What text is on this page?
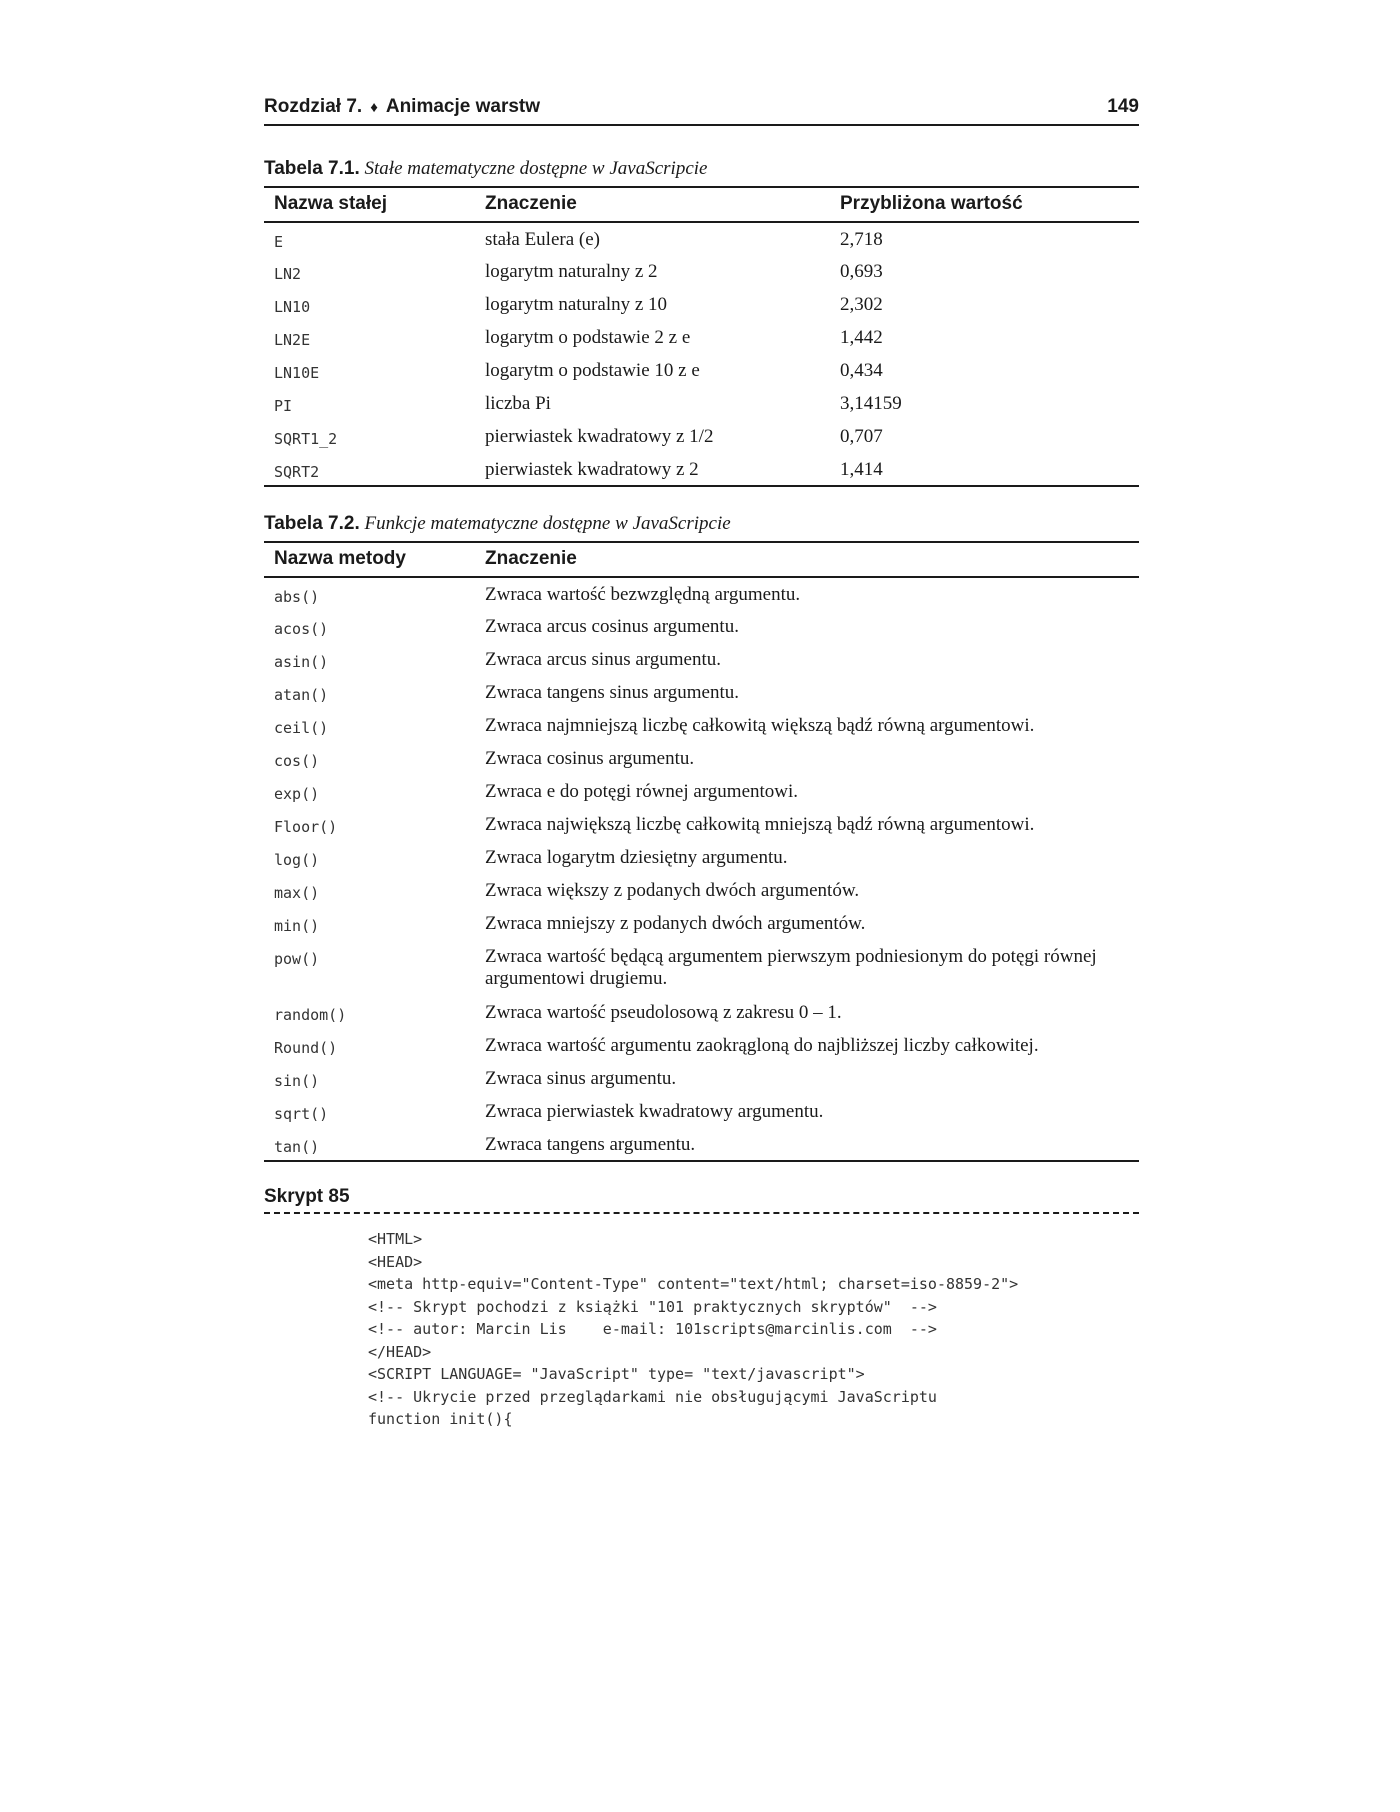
Rozdział 7. ♦ Animacje warstw	149
Tabela 7.1. Stałe matematyczne dostępne w JavaScripcie
Nazwa stałej	Znaczenie	Przybliżona wartość
E	stała Eulera (e)	2,718
LN2	logarytm naturalny z 2	0,693
LN10	logarytm naturalny z 10	2,302
LN2E	logarytm o podstawie 2 z e	1,442
LN10E	logarytm o podstawie 10 z e	0,434
PI	liczba Pi	3,14159
SQRT1_2	pierwiastek kwadratowy z 1/2	0,707
SQRT2	pierwiastek kwadratowy z 2	1,414
Tabela 7.2. Funkcje matematyczne dostępne w JavaScripcie
Nazwa metody	Znaczenie
abs()	Zwraca wartość bezwzględną argumentu.
acos()	Zwraca arcus cosinus argumentu.
asin()	Zwraca arcus sinus argumentu.
atan()	Zwraca tangens sinus argumentu.
ceil()	Zwraca najmniejszą liczbę całkowitą większą bądź równą argumentowi.
cos()	Zwraca cosinus argumentu.
exp()	Zwraca e do potęgi równej argumentowi.
Floor()	Zwraca największą liczbę całkowitą mniejszą bądź równą argumentowi.
log()	Zwraca logarytm dziesiętny argumentu.
max()	Zwraca większy z podanych dwóch argumentów.
min()	Zwraca mniejszy z podanych dwóch argumentów.
pow()	Zwraca wartość będącą argumentem pierwszym podniesionym do potęgi równej argumentowi drugiemu.
random()	Zwraca wartość pseudolosową z zakresu 0 – 1.
Round()	Zwraca wartość argumentu zaokrągloną do najbliższej liczby całkowitej.
sin()	Zwraca sinus argumentu.
sqrt()	Zwraca pierwiastek kwadratowy argumentu.
tan()	Zwraca tangens argumentu.
Skrypt 85
<HTML>
<HEAD>
<meta http-equiv="Content-Type" content="text/html; charset=iso-8859-2">
<!-- Skrypt pochodzi z książki "101 praktycznych skryptów"  -->
<!-- autor: Marcin Lis    e-mail: 101scripts@marcinlis.com  -->
</HEAD>
<SCRIPT LANGUAGE= "JavaScript" type= "text/javascript">
<!-- Ukrycie przed przeglądarkami nie obsługującymi JavaScriptu
function init(){
